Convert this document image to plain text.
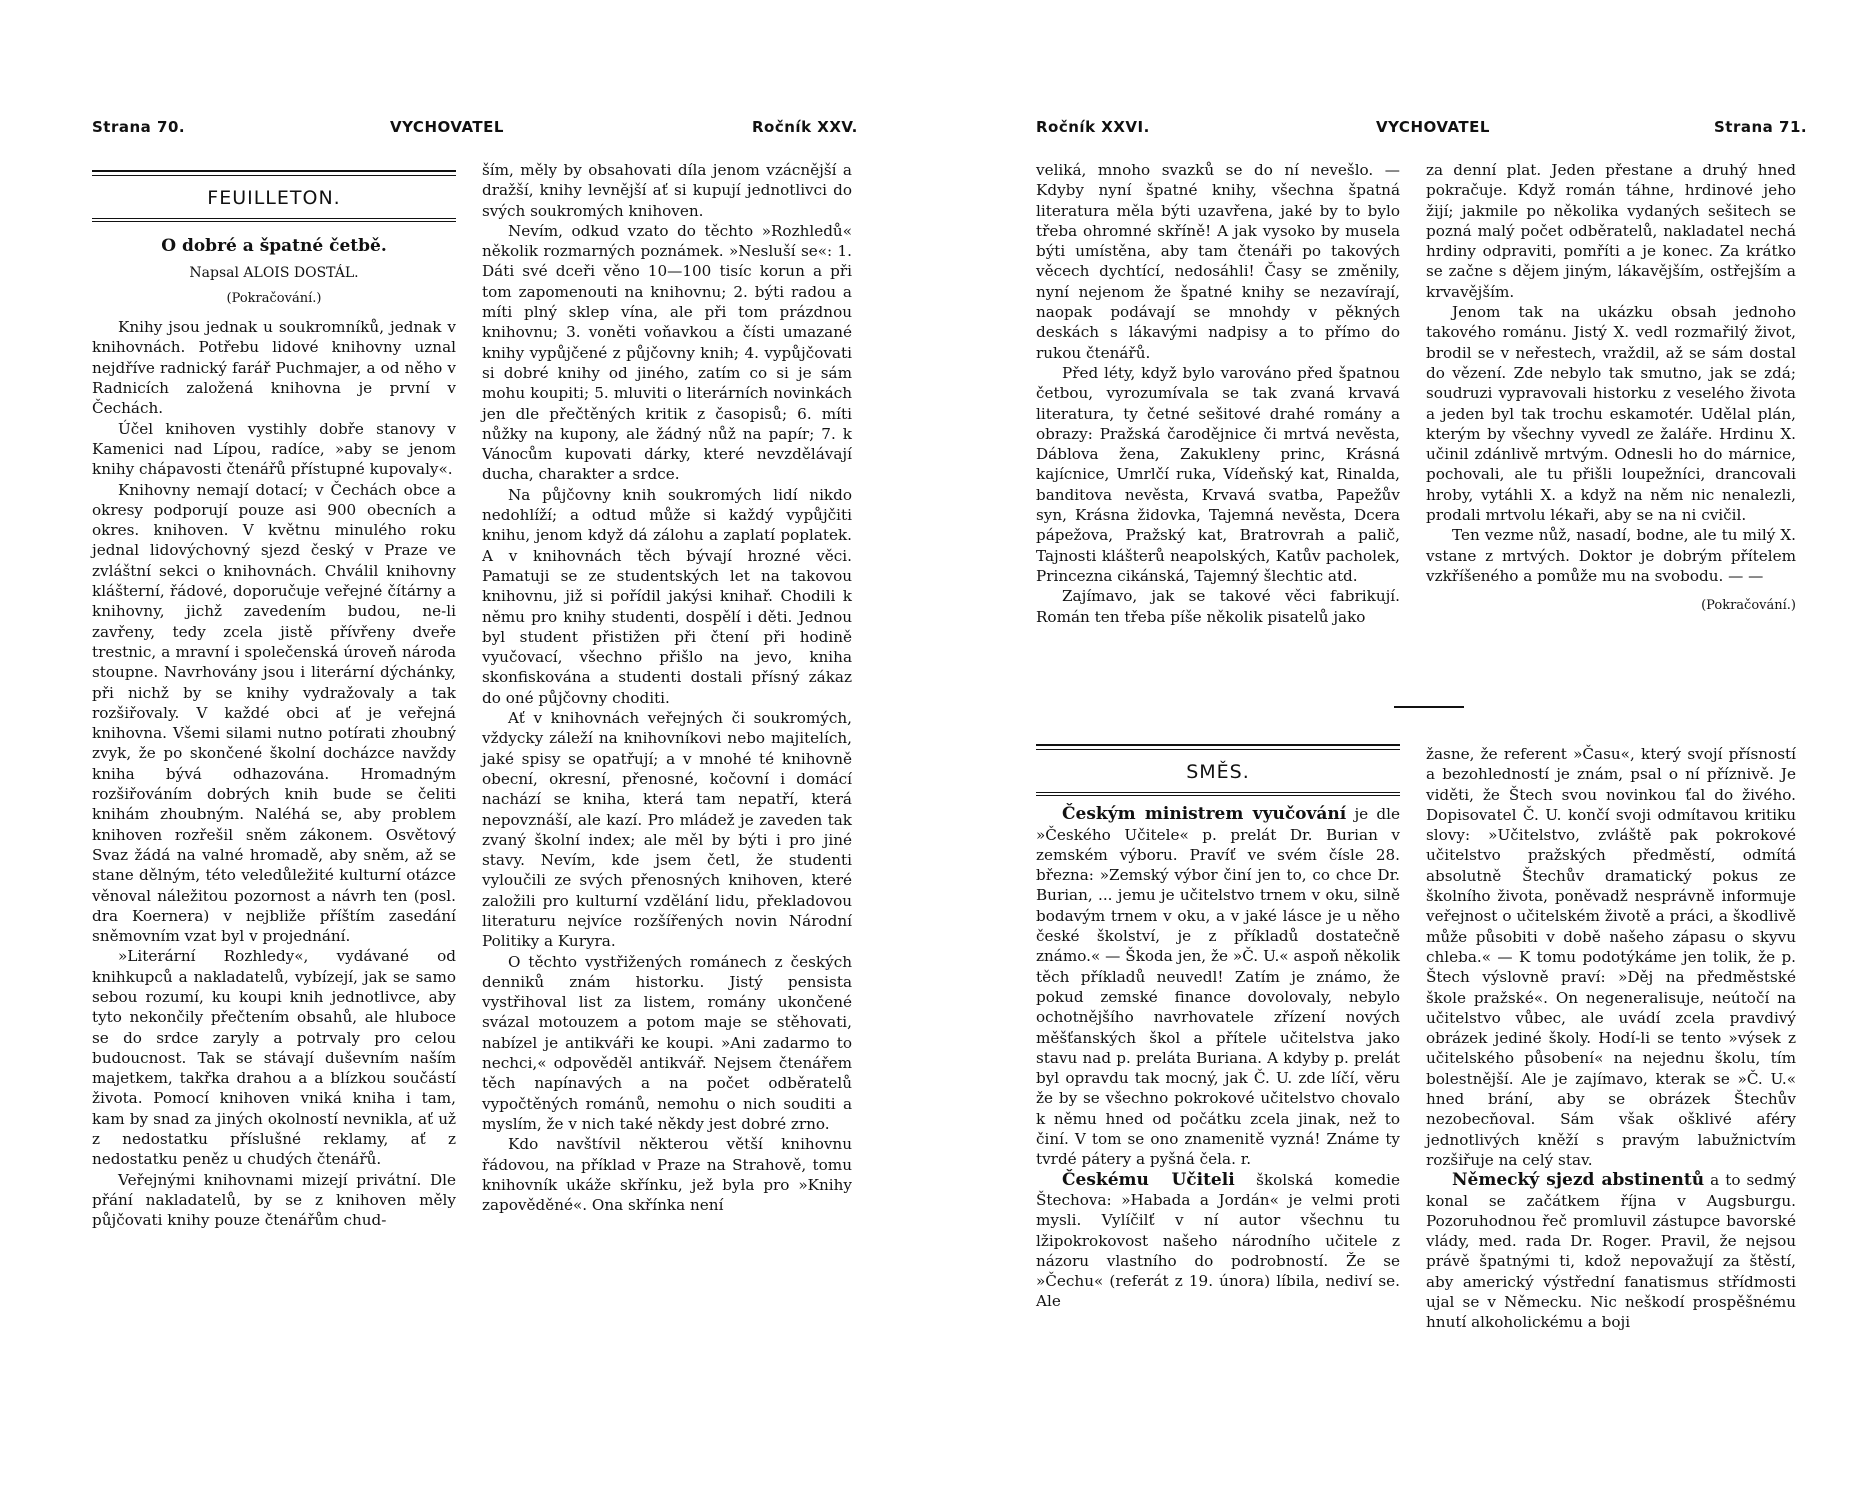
Strana 70.	VYCHOVATEL	Ročník XXV.
FEUILLETON.
O dobré a špatné četbě.
Napsal ALOIS DOSTÁL.
(Pokračování.)

Knihy jsou jednak u soukromníků, jednak v knihovnách. Potřebu lidové knihovny uznal nejdříve radnický farář Puchmajer, a od něho v Radnicích založená knihovna je první v Čechách.

Účel knihoven vystihly dobře stanovy v Kamenici nad Lípou, radíce, »aby se jenom knihy chápavosti čtenářů přístupné kupovaly«.

Knihovny nemají dotací; v Čechách obce a okresy podporují pouze asi 900 obecních a okres. knihoven. V květnu minulého roku jednal lidovýchovný sjezd český v Praze ve zvláštní sekci o knihovnách. Chválil knihovny klášterní, řádové, doporučuje veřejné čítárny a knihovny, jichž zavedením budou, ne-li zavřeny, tedy zcela jistě přívřeny dveře trestnic, a mravní i společenská úroveň národa stoupne. Navrhovány jsou i literární dýchánky, při nichž by se knihy vydražovaly a tak rozšiřovaly. V každé obci ať je veřejná knihovna. Všemi silami nutno potírati zhoubný zvyk, že po skončené školní docházce navždy kniha bývá odhazována. Hromadným rozšiřováním dobrých knih bude se čeliti knihám zhoubným. Naléhá se, aby problem knihoven rozřešil sněm zákonem. Osvětový Svaz žádá na valné hromadě, aby sněm, až se stane dělným, této veledůležité kulturní otázce věnoval náležitou pozornost a návrh ten (posl. dra Koernera) v nejbliže příštím zasedání sněmovním vzat byl v projednání.

»Literární Rozhledy«, vydávané od knihkupců a nakladatelů, vybízejí, jak se samo sebou rozumí, ku koupi knih jednotlivce, aby tyto nekončily přečtením obsahů, ale hluboce se do srdce zaryly a potrvaly pro celou budoucnost. Tak se stávají duševním naším majetkem, takřka drahou a a blízkou součástí života. Pomocí knihoven vniká kniha i tam, kam by snad za jiných okolností nevnikla, ať už z nedostatku příslušné reklamy, ať z nedostatku peněz u chudých čtenářů.

Veřejnými knihovnami mizejí privátní. Dle přání nakladatelů, by se z knihoven měly půjčovati knihy pouze čtenářům chud-

ším, měly by obsahovati díla jenom vzácnější a dražší, knihy levnější ať si kupují jednotlivci do svých soukromých knihoven.

Nevím, odkud vzato do těchto »Rozhledů« několik rozmarných poznámek. »Nesluší se«: 1. Dáti své dceři věno 10—100 tisíc korun a při tom zapomenouti na knihovnu; 2. býti radou a míti plný sklep vína, ale při tom prázdnou knihovnu; 3. voněti voňavkou a čísti umazané knihy vypůjčené z půjčovny knih; 4. vypůjčovati si dobré knihy od jiného, zatím co si je sám mohu koupiti; 5. mluviti o literárních novinkách jen dle přečtěných kritik z časopisů; 6. míti nůžky na kupony, ale žádný nůž na papír; 7. k Vánocům kupovati dárky, které nevzdělávají ducha, charakter a srdce.

Na půjčovny knih soukromých lidí nikdo nedohlíží; a odtud může si každý vypůjčiti knihu, jenom když dá zálohu a zaplatí poplatek. A v knihovnách těch bývají hrozné věci. Pamatuji se ze studentských let na takovou knihovnu, již si pořídil jakýsi knihař. Chodili k němu pro knihy studenti, dospělí i děti. Jednou byl student přistižen při čtení při hodině vyučovací, všechno přišlo na jevo, kniha skonfiskována a studenti dostali přísný zákaz do oné půjčovny choditi.

Ať v knihovnách veřejných či soukromých, vždycky záleží na knihovníkovi nebo majitelích, jaké spisy se opatřují; a v mnohé té knihovně obecní, okresní, přenosné, kočovní i domácí nachází se kniha, která tam nepatří, která nepovznáší, ale kazí. Pro mládež je zaveden tak zvaný školní index; ale měl by býti i pro jiné stavy. Nevím, kde jsem četl, že studenti vyloučili ze svých přenosných knihoven, které založili pro kulturní vzdělání lidu, překladovou literaturu nejvíce rozšířených novin Národní Politiky a Kuryra.

O těchto vystřižených románech z českých denniků znám historku. Jistý pensista vystřihoval list za listem, romány ukončené svázal motouzem a potom maje se stěhovati, nabízel je antikváři ke koupi. »Ani zadarmo to nechci,« odpověděl antikvář. Nejsem čtenářem těch napínavých a na počet odběratelů vypočtěných románů, nemohu o nich souditi a myslím, že v nich také někdy jest dobré zrno.

Kdo navštívil některou větší knihovnu řádovou, na příklad v Praze na Strahově, tomu knihovník ukáže skřínku, jež byla pro »Knihy zapověděné«. Ona skřínka není

Ročník XXVI.	VYCHOVATEL	Strana 71.

veliká, mnoho svazků se do ní nevešlo. — Kdyby nyní špatné knihy, všechna špatná literatura měla býti uzavřena, jaké by to bylo třeba ohromné skříně! A jak vysoko by musela býti umístěna, aby tam čtenáři po takových věcech dychtící, nedosáhli! Časy se změnily, nyní nejenom že špatné knihy se nezavírají, naopak podávají se mnohdy v pěkných deskách s lákavými nadpisy a to přímo do rukou čtenářů.

Před léty, když bylo varováno před špatnou četbou, vyrozumívala se tak zvaná krvavá literatura, ty četné sešitové drahé romány a obrazy: Pražská čarodějnice či mrtvá nevěsta, Dáblova žena, Zakukleny princ, Krásná kajícnice, Umrlčí ruka, Vídeňský kat, Rinalda, banditova nevěsta, Krvavá svatba, Papežův syn, Krásna židovka, Tajemná nevěsta, Dcera pápežova, Pražský kat, Bratrovrah a palič, Tajnosti klášterů neapolských, Katův pacholek, Princezna cikánská, Tajemný šlechtic atd.

Zajímavo, jak se takové věci fabrikují. Román ten třeba píše několik pisatelů jako

za denní plat. Jeden přestane a druhý hned pokračuje. Když román táhne, hrdinové jeho žijí; jakmile po několika vydaných sešitech se pozná malý počet odběratelů, nakladatel nechá hrdiny odpraviti, pomříti a je konec. Za krátko se začne s dějem jiným, lákavějším, ostřejším a krvavějším.

Jenom tak na ukázku obsah jednoho takového románu. Jistý X. vedl rozmařilý život, brodil se v neřestech, vraždil, až se sám dostal do vězení. Zde nebylo tak smutno, jak se zdá; soudruzi vypravovali historku z veselého života a jeden byl tak trochu eskamotér. Udělal plán, kterým by všechny vyvedl ze žaláře. Hrdinu X. učinil zdánlivě mrtvým. Odnesli ho do márnice, pochovali, ale tu přišli loupežníci, drancovali hroby, vytáhli X. a když na něm nic nenalezli, prodali mrtvolu lékaři, aby se na ni cvičil.

Ten vezme nůž, nasadí, bodne, ale tu milý X. vstane z mrtvých. Doktor je dobrým přítelem vzkříšeného a pomůže mu na svobodu. — —

(Pokračování.)
SMĚS.

Českým ministrem vyučování je dle »Českého Učitele« p. prelát Dr. Burian v zemském výboru. Pravíť ve svém čísle 28. března: »Zemský výbor činí jen to, co chce Dr. Burian, ... jemu je učitelstvo trnem v oku, silně bodavým trnem v oku, a v jaké lásce je u něho české školství, je z příkladů dostatečně známo.« — Škoda jen, že »Č. U.« aspoň několik těch příkladů neuvedl! Zatím je známo, že pokud zemské finance dovolovaly, nebylo ochotnějšího navrhovatele zřízení nových měšťanských škol a přítele učitelstva jako stavu nad p. preláta Buriana. A kdyby p. prelát byl opravdu tak mocný, jak Č. U. zde líčí, věru že by se všechno pokrokové učitelstvo chovalo k němu hned od počátku zcela jinak, než to činí. V tom se ono znamenitě vyzná! Známe ty tvrdé pátery a pyšná čela. r.

Českému Učiteli školská komedie Štechova: »Habada a Jordán« je velmi proti mysli. Vylíčilť v ní autor všechnu tu lžipokrokovost našeho národního učitele z názoru vlastního do podrobností. Že se »Čechu« (referát z 19. února) líbila, nediví se. Ale

žasne, že referent »Času«, který svojí přísností a bezohledností je znám, psal o ní příznivě. Je viděti, že Štech svou novinkou ťal do živého. Dopisovatel Č. U. končí svoji odmítavou kritiku slovy: »Učitelstvo, zvláště pak pokrokové učitelstvo pražských předměstí, odmítá absolutně Štechův dramatický pokus ze školního života, poněvadž nesprávně informuje veřejnost o učitelském životě a práci, a škodlivě může působiti v době našeho zápasu o skyvu chleba.« — K tomu podotýkáme jen tolik, že p. Štech výslovně praví: »Děj na předměstské škole pražské«. On negeneralisuje, neútočí na učitelstvo vůbec, ale uvádí zcela pravdivý obrázek jediné školy. Hodí-li se tento »výsek z učitelského působení« na nejednu školu, tím bolestnější. Ale je zajímavo, kterak se »Č. U.« hned brání, aby se obrázek Štechův nezobecňoval. Sám však ošklivé aféry jednotlivých kněží s pravým labužnictvím rozšiřuje na celý stav.

Německý sjezd abstinentů a to sedmý konal se začátkem října v Augsburgu. Pozoruhodnou řeč promluvil zástupce bavorské vlády, med. rada Dr. Roger. Pravil, že nejsou právě špatnými ti, kdož nepovažují za štěstí, aby americký výstřední fanatismus střídmosti ujal se v Německu. Nic neškodí prospěšnému hnutí alkoholickému a boji
